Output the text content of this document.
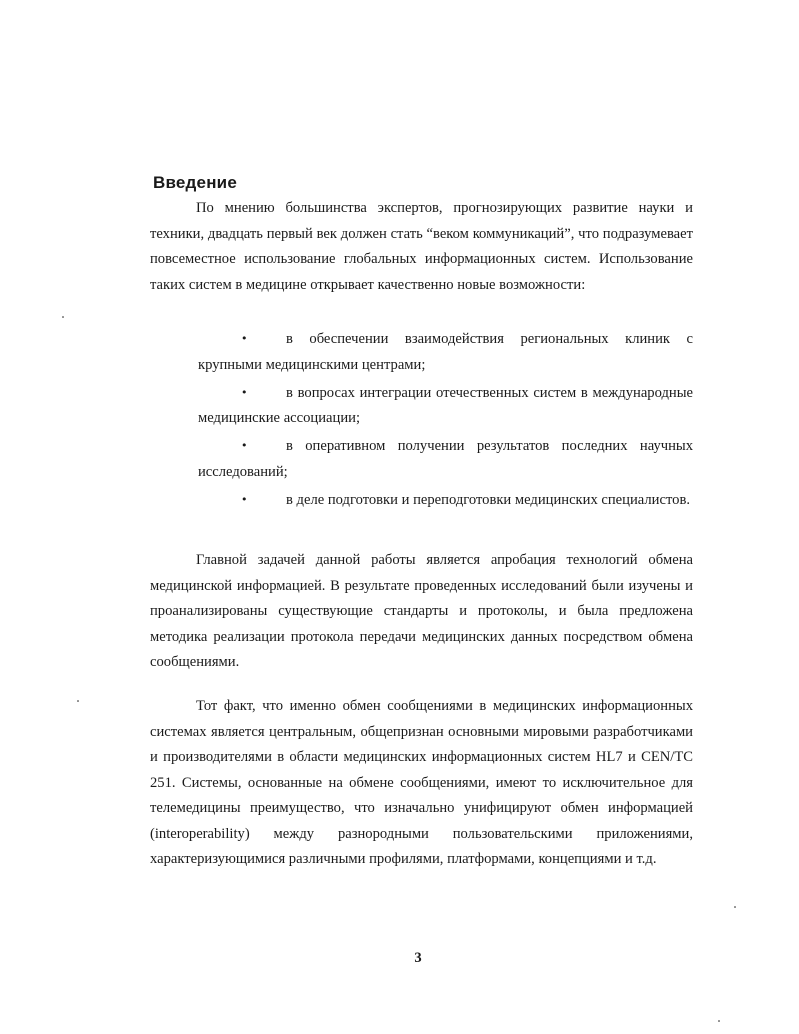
Введение

По мнению большинства экспертов, прогнозирующих развитие науки и техники, двадцать первый век должен стать “веком коммуникаций”, что подразумевает повсеместное использование глобальных информационных систем. Использование таких систем в медицине открывает качественно новые возможности:

•	в обеспечении взаимодействия региональных клиник с крупными медицинскими центрами;
•	в вопросах интеграции отечественных систем в международные медицинские ассоциации;
•	в оперативном получении результатов последних научных исследований;
•	в деле подготовки и переподготовки медицинских специалистов.

Главной задачей данной работы является апробация технологий обмена медицинской информацией. В результате проведенных исследований были изучены и проанализированы существующие стандарты и протоколы, и была предложена методика реализации протокола передачи медицинских данных посредством обмена сообщениями.

Тот факт, что именно обмен сообщениями в медицинских информационных системах является центральным, общепризнан основными мировыми разработчиками и производителями в области медицинских информационных систем HL7 и CEN/TC 251. Системы, основанные на обмене сообщениями, имеют то исключительное для телемедицины преимущество, что изначально унифицируют обмен информацией (interoperability) между разнородными пользовательскими приложениями, характеризующимися различными профилями, платформами, концепциями и т.д.

3
